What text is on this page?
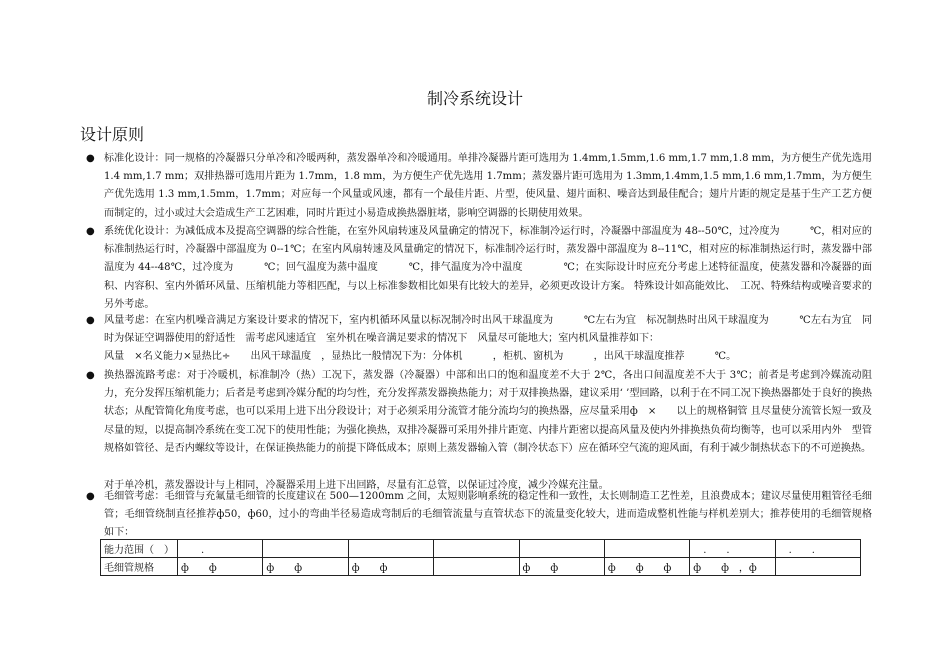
制冷系统设计
设计原则
● 标准化设计：同一规格的冷凝器只分单冷和冷暖两种，蒸发器单冷和冷暖通用。单排冷凝器片距可选用为 1.4mm,1.5mm,1.6 mm,1.7 mm,1.8 mm，为方便生产优先选用 1.4 mm,1.7 mm；双排热器可选用片距为 1.7mm，1.8 mm，为方便生产优先选用 1.7mm；蒸发器片距可选用为 1.3mm,1.4mm,1.5 mm,1.6 mm,1.7mm，为方便生产优先选用 1.3 mm,1.5mm，1.7mm；对应每一个风量或风速，都有一个最佳片距、片型，使风量、翅片面积、噪音达到最佳配合；翅片片距的规定是基于生产工艺方便而制定的，过小或过大会造成生产工艺困难，同时片距过小易造成换热器脏堵，影响空调器的长期使用效果。
● 系统优化设计：为减低成本及提高空调器的综合性能，在室外风扇转速及风量确定的情况下，标准制冷运行时，冷凝器中部温度为 48--50℃，过冷度为　　　℃，相对应的标准制热运行时，冷凝器中部温度为 0--1℃；在室内风扇转速及风量确定的情况下，标准制冷运行时，蒸发器中部温度为 8--11℃，相对应的标准制热运行时，蒸发器中部温度为 44--48℃，过冷度为　　　℃；回气温度为蒸中温度　　　℃，排气温度为冷中温度　　　　℃；在实际设计时应充分考虑上述特征温度，使蒸发器和冷凝器的面积、内容积、室内外循环风量、压缩机能力等相匹配，与以上标准参数相比如果有比较大的差异，必须更改设计方案。 特殊设计如高能效比、　工况、特殊结构或噪音要求的另外考虑。
● 风量考虑：在室内机噪音满足方案设计要求的情况下，室内机循环风量以标况制冷时出风干球温度为　　　℃左右为宜　标况制热时出风干球温度为　　　℃左右为宜　同时为保证空调器使用的舒适性　需考虑风速适宜　室外机在噪音满足要求的情况下　风量尽可能地大；室内机风量推荐如下：
风量　×名义能力×显热比÷　　出风干球温度　，显热比一般情况下为：分体机　　　，柜机、窗机为　　　，出风干球温度推荐　　　℃。
● 换热器流路考虑：对于冷暖机，标准制冷（热）工况下，蒸发器（冷凝器）中部和出口的饱和温度差不大于 2℃，各出口间温度差不大于 3℃；前者是考虑到冷媒流动阻力，充分发挥压缩机能力；后者是考虑到冷媒分配的均匀性，充分发挥蒸发器换热能力；对于双排换热器，建议采用‘ ’型回路，以利于在不同工况下换热器都处于良好的换热状态；从配管简化角度考虑，也可以采用上进下出分段设计；对于必须采用分流管才能分流均匀的换热器，应尽量采用ф　×　　以上的规格铜管 且尽量使分流管长短一致及尽量的短，以提高制冷系统在变工况下的使用性能；为强化换热，双排冷凝器可采用外排片距宽、内排片距密以提高风量及使内外排换热负荷均衡等，也可以采用内外　型管规格如管径、是否内螺纹等设计，在保证换热能力的前提下降低成本；原则上蒸发器输入管（制冷状态下）应在循环空气流的迎风面，有利于减少制热状态下的不可逆换热。
对于单冷机，蒸发器设计与上相同，冷凝器采用上进下出回路，尽量有汇总管，以保证过冷度，减少冷媒充注量。
● 毛细管考虑：毛细管与充氟量毛细管的长度建议在 500—1200mm 之间，太短则影响系统的稳定性和一致性，太长则制造工艺性差，且浪费成本；建议尽量使用粗管径毛细管；毛细管绕制直径推荐ф50，ф60，过小的弯曲半径易造成弯制后的毛细管流量与直管状态下的流量变化较大，进而造成整机性能与样机差别大；推荐使用的毛细管规格如下：
能力范围（　）	　　.						　.　　.	　.　　.
毛细管规格	ф　　ф	ф　　ф	ф　　ф		ф　　ф	ф　　ф　　ф	ф　　ф　，ф	
